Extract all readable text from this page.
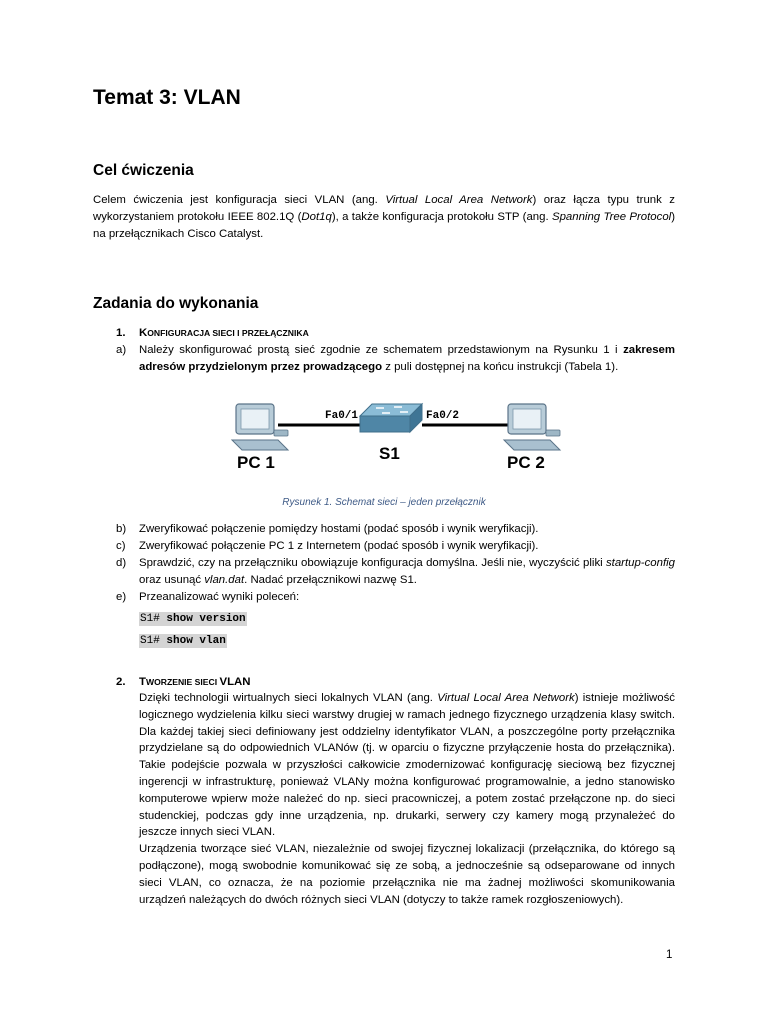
Temat 3: VLAN
Cel ćwiczenia

Celem ćwiczenia jest konfiguracja sieci VLAN (ang. Virtual Local Area Network) oraz łącza typu trunk z wykorzystaniem protokołu IEEE 802.1Q (Dot1q), a także konfiguracja protokołu STP (ang. Spanning Tree Protocol) na przełącznikach Cisco Catalyst.

Zadania do wykonania
1. KONFIGURACJA SIECI I PRZEŁĄCZNIKA

a) Należy skonfigurować prostą sieć zgodnie ze schematem przedstawionym na Rysunku 1 i zakresem adresów przydzielonym przez prowadzącego z puli dostępnej na końcu instrukcji (Tabela 1).

Fa0/1	Fa0/2
PC 1	S1	PC 2
Rysunek 1. Schemat sieci – jeden przełącznik
b) Zweryfikować połączenie pomiędzy hostami (podać sposób i wynik weryfikacji).

c) Zweryfikować połączenie PC 1 z Internetem (podać sposób i wynik weryfikacji).

d) Sprawdzić, czy na przełączniku obowiązuje konfiguracja domyślna. Jeśli nie, wyczyścić pliki startup-config oraz usunąć vlan.dat. Nadać przełącznikowi nazwę S1.

e) Przeanalizować wyniki poleceń:

S1# show version
S1# show vlan
2. TWORZENIE SIECI VLAN

Dzięki technologii wirtualnych sieci lokalnych VLAN (ang. Virtual Local Area Network) istnieje możliwość logicznego wydzielenia kilku sieci warstwy drugiej w ramach jednego fizycznego urządzenia klasy switch. Dla każdej takiej sieci definiowany jest oddzielny identyfikator VLAN, a poszczególne porty przełącznika przydzielane są do odpowiednich VLANów (tj. w oparciu o fizyczne przyłączenie hosta do przełącznika). Takie podejście pozwala w przyszłości całkowicie zmodernizować konfigurację sieciową bez fizycznej ingerencji w infrastrukturę, ponieważ VLANy można konfigurować programowalnie, a jedno stanowisko komputerowe wpierw może należeć do np. sieci pracowniczej, a potem zostać przełączone np. do sieci studenckiej, podczas gdy inne urządzenia, np. drukarki, serwery czy kamery mogą przynależeć do jeszcze innych sieci VLAN.
Urządzenia tworzące sieć VLAN, niezależnie od swojej fizycznej lokalizacji (przełącznika, do którego są podłączone), mogą swobodnie komunikować się ze sobą, a jednocześnie są odseparowane od innych sieci VLAN, co oznacza, że na poziomie przełącznika nie ma żadnej możliwości skomunikowania urządzeń należących do dwóch różnych sieci VLAN (dotyczy to także ramek rozgłoszeniowych).

1
